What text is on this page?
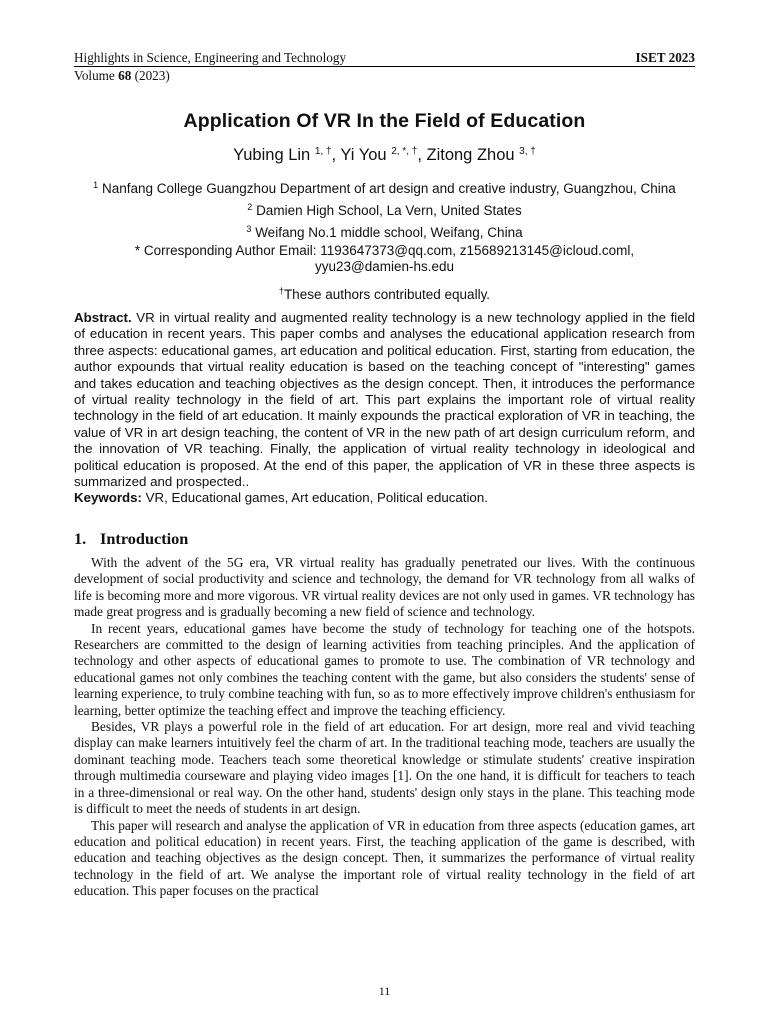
Highlights in Science, Engineering and Technology	ISET 2023
Volume 68 (2023)
Application Of VR In the Field of Education
Yubing Lin $^{1, \dagger}$, Yi You $^{2, *, \dagger}$, Zitong Zhou $^{3, \dagger}$
$^1$ Nanfang College Guangzhou Department of art design and creative industry, Guangzhou, China
$^2$ Damien High School, La Vern, United States
$^3$ Weifang No.1 middle school, Weifang, China
* Corresponding Author Email: 1193647373@qq.com, z15689213145@icloud.coml,
yyu23@damien-hs.edu
†These authors contributed equally.
Abstract. VR in virtual reality and augmented reality technology is a new technology applied in the field of education in recent years. This paper combs and analyses the educational application research from three aspects: educational games, art education and political education. First, starting from education, the author expounds that virtual reality education is based on the teaching concept of "interesting" games and takes education and teaching objectives as the design concept. Then, it introduces the performance of virtual reality technology in the field of art. This part explains the important role of virtual reality technology in the field of art education. It mainly expounds the practical exploration of VR in teaching, the value of VR in art design teaching, the content of VR in the new path of art design curriculum reform, and the innovation of VR teaching. Finally, the application of virtual reality technology in ideological and political education is proposed. At the end of this paper, the application of VR in these three aspects is summarized and prospected..
Keywords: VR, Educational games, Art education, Political education.
1. Introduction

With the advent of the 5G era, VR virtual reality has gradually penetrated our lives. With the continuous development of social productivity and science and technology, the demand for VR technology from all walks of life is becoming more and more vigorous. VR virtual reality devices are not only used in games. VR technology has made great progress and is gradually becoming a new field of science and technology.

In recent years, educational games have become the study of technology for teaching one of the hotspots. Researchers are committed to the design of learning activities from teaching principles. And the application of technology and other aspects of educational games to promote to use. The combination of VR technology and educational games not only combines the teaching content with the game, but also considers the students' sense of learning experience, to truly combine teaching with fun, so as to more effectively improve children's enthusiasm for learning, better optimize the teaching effect and improve the teaching efficiency.

Besides, VR plays a powerful role in the field of art education. For art design, more real and vivid teaching display can make learners intuitively feel the charm of art. In the traditional teaching mode, teachers are usually the dominant teaching mode. Teachers teach some theoretical knowledge or stimulate students' creative inspiration through multimedia courseware and playing video images [1]. On the one hand, it is difficult for teachers to teach in a three-dimensional or real way. On the other hand, students' design only stays in the plane. This teaching mode is difficult to meet the needs of students in art design.

This paper will research and analyse the application of VR in education from three aspects (education games, art education and political education) in recent years. First, the teaching application of the game is described, with education and teaching objectives as the design concept. Then, it summarizes the performance of virtual reality technology in the field of art. We analyse the important role of virtual reality technology in the field of art education. This paper focuses on the practical

11
